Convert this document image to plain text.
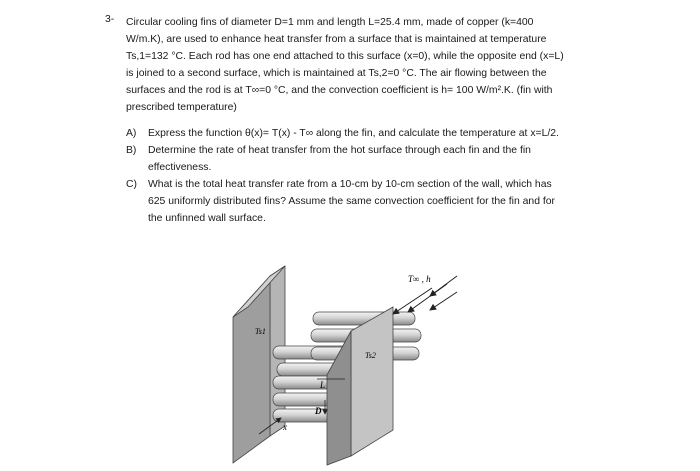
3- Circular cooling fins of diameter D=1 mm and length L=25.4 mm, made of copper (k=400
W/m.K), are used to enhance heat transfer from a surface that is maintained at temperature
Ts,1=132 °C. Each rod has one end attached to this surface (x=0), while the opposite end (x=L)
is joined to a second surface, which is maintained at Ts,2=0 °C. The air flowing between the
surfaces and the rod is at T∞=0 °C, and the convection coefficient is h= 100 W/m².K. (fin with
prescribed temperature)
A) Express the function θ(x)= T(x) - T∞ along the fin, and calculate the temperature at x=L/2.
B) Determine the rate of heat transfer from the hot surface through each fin and the fin
effectiveness.
C) What is the total heat transfer rate from a 10-cm by 10-cm section of the wall, which has
625 uniformly distributed fins? Assume the same convection coefficient for the fin and for
the unfinned wall surface.
T∞ , h
Ts1
Ts2
L
D
x
